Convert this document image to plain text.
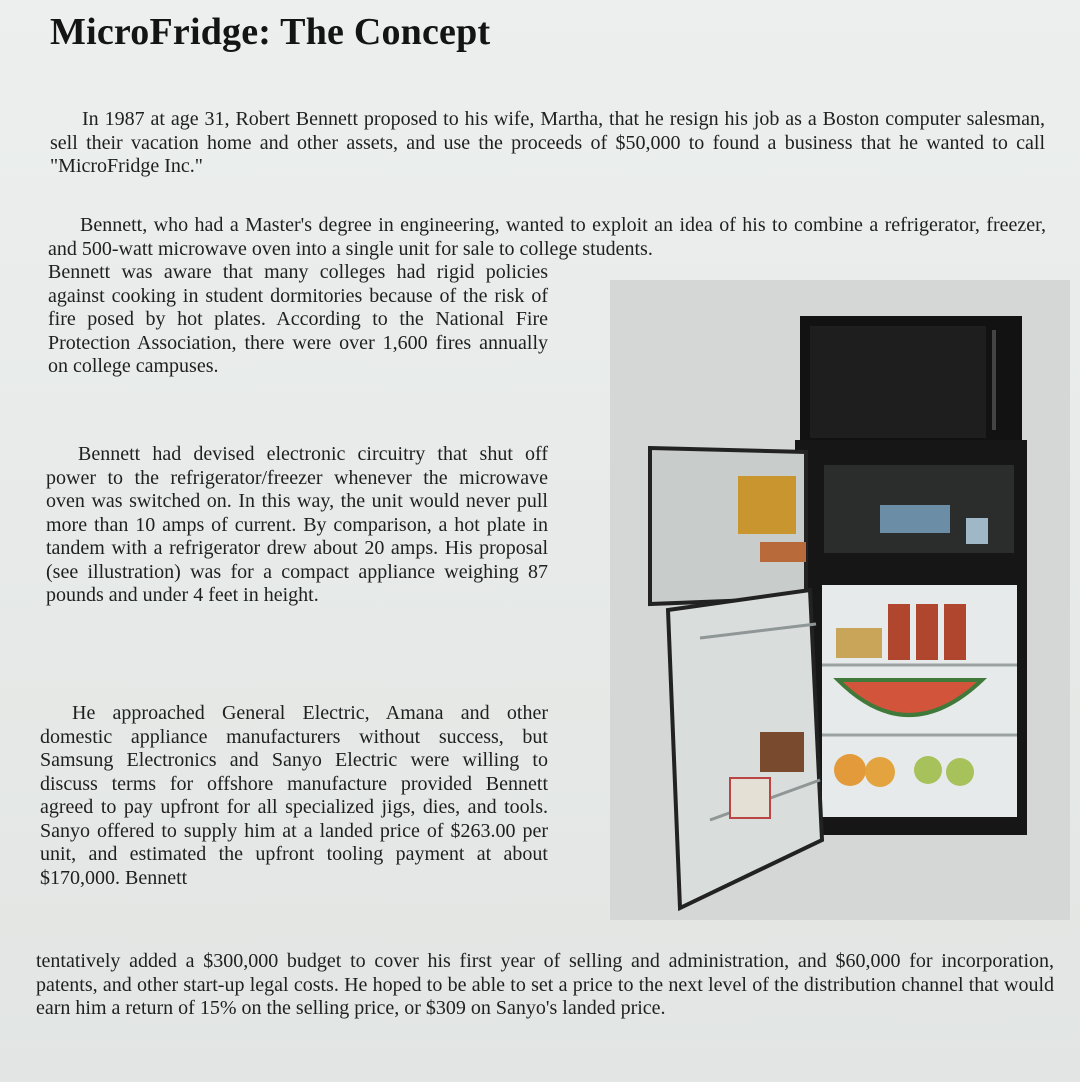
MicroFridge: The Concept

In 1987 at age 31, Robert Bennett proposed to his wife, Martha, that he resign his job as a Boston computer salesman, sell their vacation home and other assets, and use the proceeds of $50,000 to found a business that he wanted to call "MicroFridge Inc."

Bennett, who had a Master's degree in engineering, wanted to exploit an idea of his to combine a refrigerator, freezer, and 500-watt microwave oven into a single unit for sale to college students.

Bennett was aware that many colleges had rigid policies against cooking in student dormitories because of the risk of fire posed by hot plates. According to the National Fire Protection Association, there were over 1,600 fires annually on college campuses.

Bennett had devised electronic circuitry that shut off power to the refrigerator/freezer whenever the microwave oven was switched on. In this way, the unit would never pull more than 10 amps of current. By comparison, a hot plate in tandem with a refrigerator drew about 20 amps. His proposal (see illustration) was for a compact appliance weighing 87 pounds and under 4 feet in height.

He approached General Electric, Amana and other domestic appliance manufacturers without success, but Samsung Electronics and Sanyo Electric were willing to discuss terms for offshore manufacture provided Bennett agreed to pay upfront for all specialized jigs, dies, and tools. Sanyo offered to supply him at a landed price of $263.00 per unit, and estimated the upfront tooling payment at about $170,000. Bennett

tentatively added a $300,000 budget to cover his first year of selling and administration, and $60,000 for incorporation, patents, and other start-up legal costs. He hoped to be able to set a price to the next level of the distribution channel that would earn him a return of 15% on the selling price, or $309 on Sanyo's landed price.
